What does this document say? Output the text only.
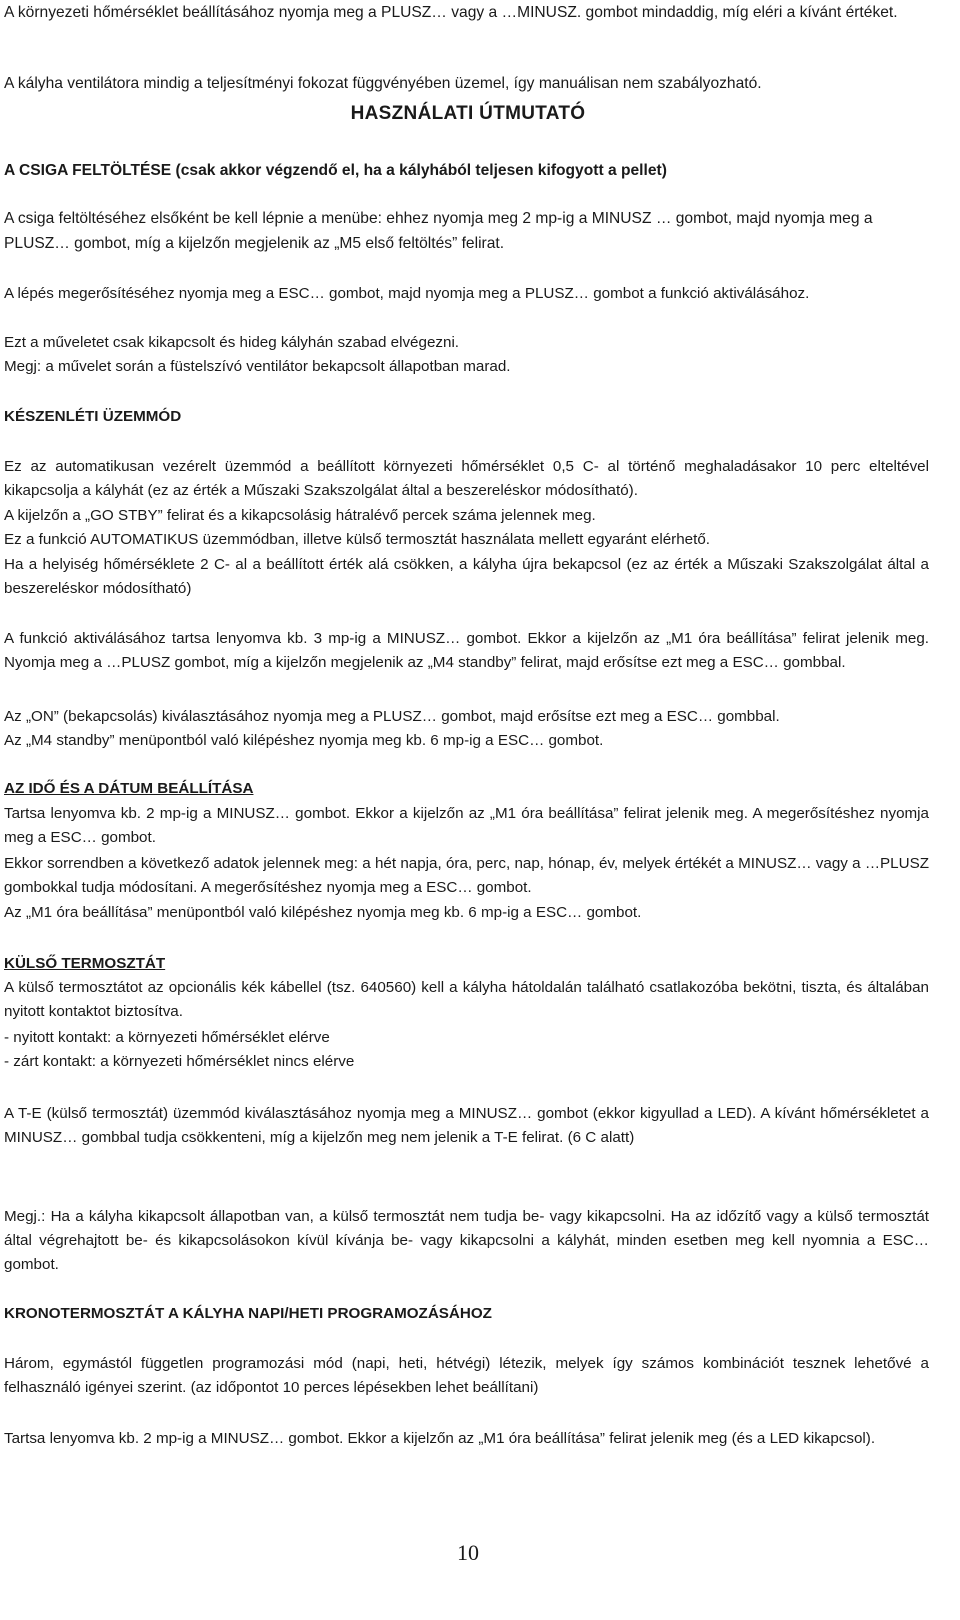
A környezeti hőmérséklet beállításához nyomja meg a PLUSZ… vagy a …MINUSZ. gombot mindaddig, míg eléri a kívánt értéket.

A kályha ventilátora mindig a teljesítményi fokozat függvényében üzemel, így manuálisan nem szabályozható.

HASZNÁLATI ÚTMUTATÓ

A CSIGA FELTÖLTÉSE (csak akkor végzendő el, ha a kályhából teljesen kifogyott a pellet)

A csiga feltöltéséhez elsőként be kell lépnie a menübe: ehhez nyomja meg 2 mp-ig a MINUSZ … gombot, majd nyomja meg a PLUSZ… gombot, míg a kijelzőn megjelenik az „M5 első feltöltés” felirat.

A lépés megerősítéséhez nyomja meg a ESC… gombot, majd nyomja meg a PLUSZ… gombot a funkció aktiválásához.

Ezt a műveletet csak kikapcsolt és hideg kályhán szabad elvégezni.

Megj: a művelet során a füstelszívó ventilátor bekapcsolt állapotban marad.

KÉSZENLÉTI ÜZEMMÓD

Ez az automatikusan vezérelt üzemmód a beállított környezeti hőmérséklet 0,5 C- al történő meghaladásakor 10 perc elteltével kikapcsolja a kályhát (ez az érték a Műszaki Szakszolgálat által a beszereléskor módosítható).

A kijelzőn a „GO STBY” felirat és a kikapcsolásig hátralévő percek száma jelennek meg.

Ez a funkció AUTOMATIKUS üzemmódban, illetve külső termosztát használata mellett egyaránt elérhető.

Ha a helyiség hőmérséklete 2 C- al a beállított érték alá csökken, a kályha újra bekapcsol (ez az érték a Műszaki Szakszolgálat által a beszereléskor módosítható)

A funkció aktiválásához tartsa lenyomva kb. 3 mp-ig a MINUSZ… gombot. Ekkor a kijelzőn az „M1 óra beállítása” felirat jelenik meg. Nyomja meg a …PLUSZ gombot, míg a kijelzőn megjelenik az „M4 standby” felirat, majd erősítse ezt meg a ESC… gombbal.

Az „ON” (bekapcsolás) kiválasztásához nyomja meg a PLUSZ… gombot, majd erősítse ezt meg a ESC… gombbal.

Az „M4 standby” menüpontból való kilépéshez nyomja meg kb. 6 mp-ig a ESC… gombot.

AZ IDŐ ÉS A DÁTUM BEÁLLÍTÁSA

Tartsa lenyomva kb. 2 mp-ig a MINUSZ… gombot. Ekkor a kijelzőn az „M1 óra beállítása” felirat jelenik meg. A megerősítéshez nyomja meg a ESC… gombot.

Ekkor sorrendben a következő adatok jelennek meg: a hét napja, óra, perc, nap, hónap, év, melyek értékét a MINUSZ… vagy a …PLUSZ gombokkal tudja módosítani. A megerősítéshez nyomja meg a ESC… gombot.

Az „M1 óra beállítása” menüpontból való kilépéshez nyomja meg kb. 6 mp-ig a ESC… gombot.

KÜLSŐ TERMOSZTÁT

A külső termosztátot az opcionális kék kábellel (tsz. 640560) kell a kályha hátoldalán található csatlakozóba bekötni, tiszta, és általában nyitott kontaktot biztosítva.

- nyitott kontakt: a környezeti hőmérséklet elérve

- zárt kontakt: a környezeti hőmérséklet nincs elérve

A T-E (külső termosztát) üzemmód kiválasztásához nyomja meg a MINUSZ… gombot (ekkor kigyullad a LED). A kívánt hőmérsékletet a MINUSZ… gombbal tudja csökkenteni, míg a kijelzőn meg nem jelenik a T-E felirat. (6 C alatt)

Megj.: Ha a kályha kikapcsolt állapotban van, a külső termosztát nem tudja be- vagy kikapcsolni. Ha az időzítő vagy a külső termosztát által végrehajtott be- és kikapcsolásokon kívül kívánja be- vagy kikapcsolni a kályhát, minden esetben meg kell nyomnia a ESC… gombot.

KRONOTERMOSZTÁT A KÁLYHA NAPI/HETI PROGRAMOZÁSÁHOZ

Három, egymástól független programozási mód (napi, heti, hétvégi) létezik, melyek így számos kombinációt tesznek lehetővé a felhasználó igényei szerint. (az időpontot 10 perces lépésekben lehet beállítani)

Tartsa lenyomva kb. 2 mp-ig a MINUSZ… gombot. Ekkor a kijelzőn az „M1 óra beállítása” felirat jelenik meg (és a LED kikapcsol).

10
